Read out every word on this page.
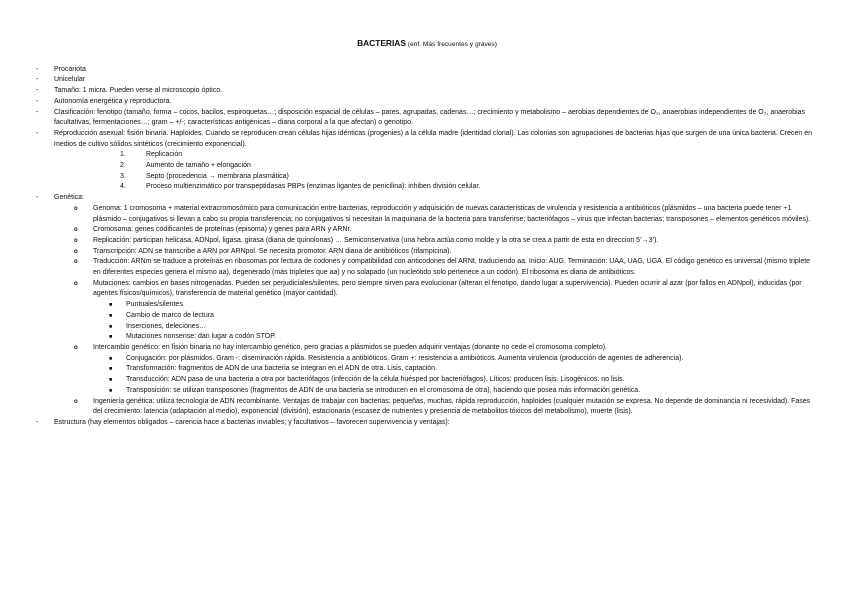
BACTERIAS (enf. Más frecuentes y graves)
- Procariota
- Unicelular
- Tamaño: 1 micra. Pueden verse al microscopio óptico.
- Autonomía energética y reproductora.
- Clasificación: fenotipo (tamaño, forma – cocos, bacilos, espiroquetas…; disposición espacial de células – pares, agrupadas, cadenas…; crecimiento y metabolismo – aerobias dependientes de O₂, anaerobias independientes de O₂, anaerobias facultativas, fermentaciones…; gram – +/-; características antigénicas – diana corporal a la que afectan) o genotipo.
- Reproducción asexual: fisión binaria. Haploides. Cuando se reproducen crean células hijas idénticas (progenies) a la célula madre (identidad clonal). Las colonias son agrupaciones de bacterias hijas que surgen de una única bacteria. Crecen en medios de cultivo sólidos sintéticos (crecimiento exponencial).
1.	Replicación
2.	Aumento de tamaño + elongación
3.	Septo (procedencia → membrana plasmática)
4.	Proceso multienzimático por transpeptidasas PBPs (enzimas ligantes de penicilina): inhiben división celular.
- Genética:
o Genoma: 1 cromosoma + material extracromosómico para comunicación entre bacterias, reproducción y adquisición de nuevas características de virulencia y resistencia a antibióticos (plásmidos – una bacteria puede tener +1 plásmido – conjugativos si llevan a cabo su propia transferencia; no conjugativos si necesitan la maquinaria de la bacteria para transferirse; bacteriófagos – virus que infectan bacterias; transposones – elementos genéticos móviles).
o Cromosoma: genes codificantes de proteínas (episoma) y genes para ARN y ARNr.
o Replicación: participan helicasa, ADNpol, ligasa, girasa (diana de quinolonas) … Semiconservativa (una hebra actúa como molde y la otra se crea a partir de esta en direccion 5’→3’).
o Transcripción: ADN se transcribe a ARN por ARNpol. Se necesita promotor. ARN diana de antibióticos (rifampicina).
o Traducción: ARNm se traduce a proteínas en ribosomas por lectura de codones y compatibilidad con anticodones del ARNt, traduciendo aa. Inicio: AUG. Terminación: UAA, UAG, UGA. El código genético es universal (mismo triplete en diferentes especies genera el mismo aa), degenerado (más tripletes que aa) y no solapado (un nucleótido solo pertenece a un codón). El ribosoma es diana de antibióticos.
o Mutaciones: cambios en bases nitrogenadas. Pueden ser perjudiciales/silentes, pero siempre sirven para evolucionar (alteran el fenotipo, dando lugar a supervivencia). Pueden ocurrir al azar (por fallos en ADNpol), inducidas (por agentes físicos/químicos), transferencia de material genético (mayor cantidad).
■ Puntuales/silentes
■ Cambio de marco de lectura
■ Inserciones, deleciones…
■ Mutaciones nonsense: dan lugar a codón STOP.
o Intercambio genético: en fisión binaria no hay intercambio genético, pero gracias a plásmidos se pueden adquirir ventajas (donante no cede el cromosoma completo).
■ Conjugación: por plásmidos. Gram -: diseminación rápida. Resistencia a antibióticos. Gram +: resistencia a antibióticos. Aumenta virulencia (producción de agentes de adherencia).
■ Transformación: fragmentos de ADN de una bacteria se integran en el ADN de otra. Lisis, captación.
■ Transducción: ADN pasa de una bacteria a otra por bacteriófagos (infección de la célula huésped por bacteriófagos). Líticos: producen lisis. Lisogénicos: no lisis.
■ Transposición: se utilizan transposones (fragmentos de ADN de una bacteria se introducen en el cromosoma de otra), haciendo que posea más información genética.
o Ingeniería genética: utiliza tecnología de ADN recombinante. Ventajas de trabajar con bacterias: pequeñas, muchas, rápida reproducción, haploides (cualquier mutación se expresa. No depende de dominancia ni recesividad). Fases del crecimiento: latencia (adaptación al medio), exponencial (división), estacionaria (escasez de nutrientes y presencia de metabolitos tóxicos del metabolismo), muerte (lisis).
- Estructura (hay elementos obligados – carencia hace a bacterias inviables; y facultativos – favorecen supervivencia y ventajas):
